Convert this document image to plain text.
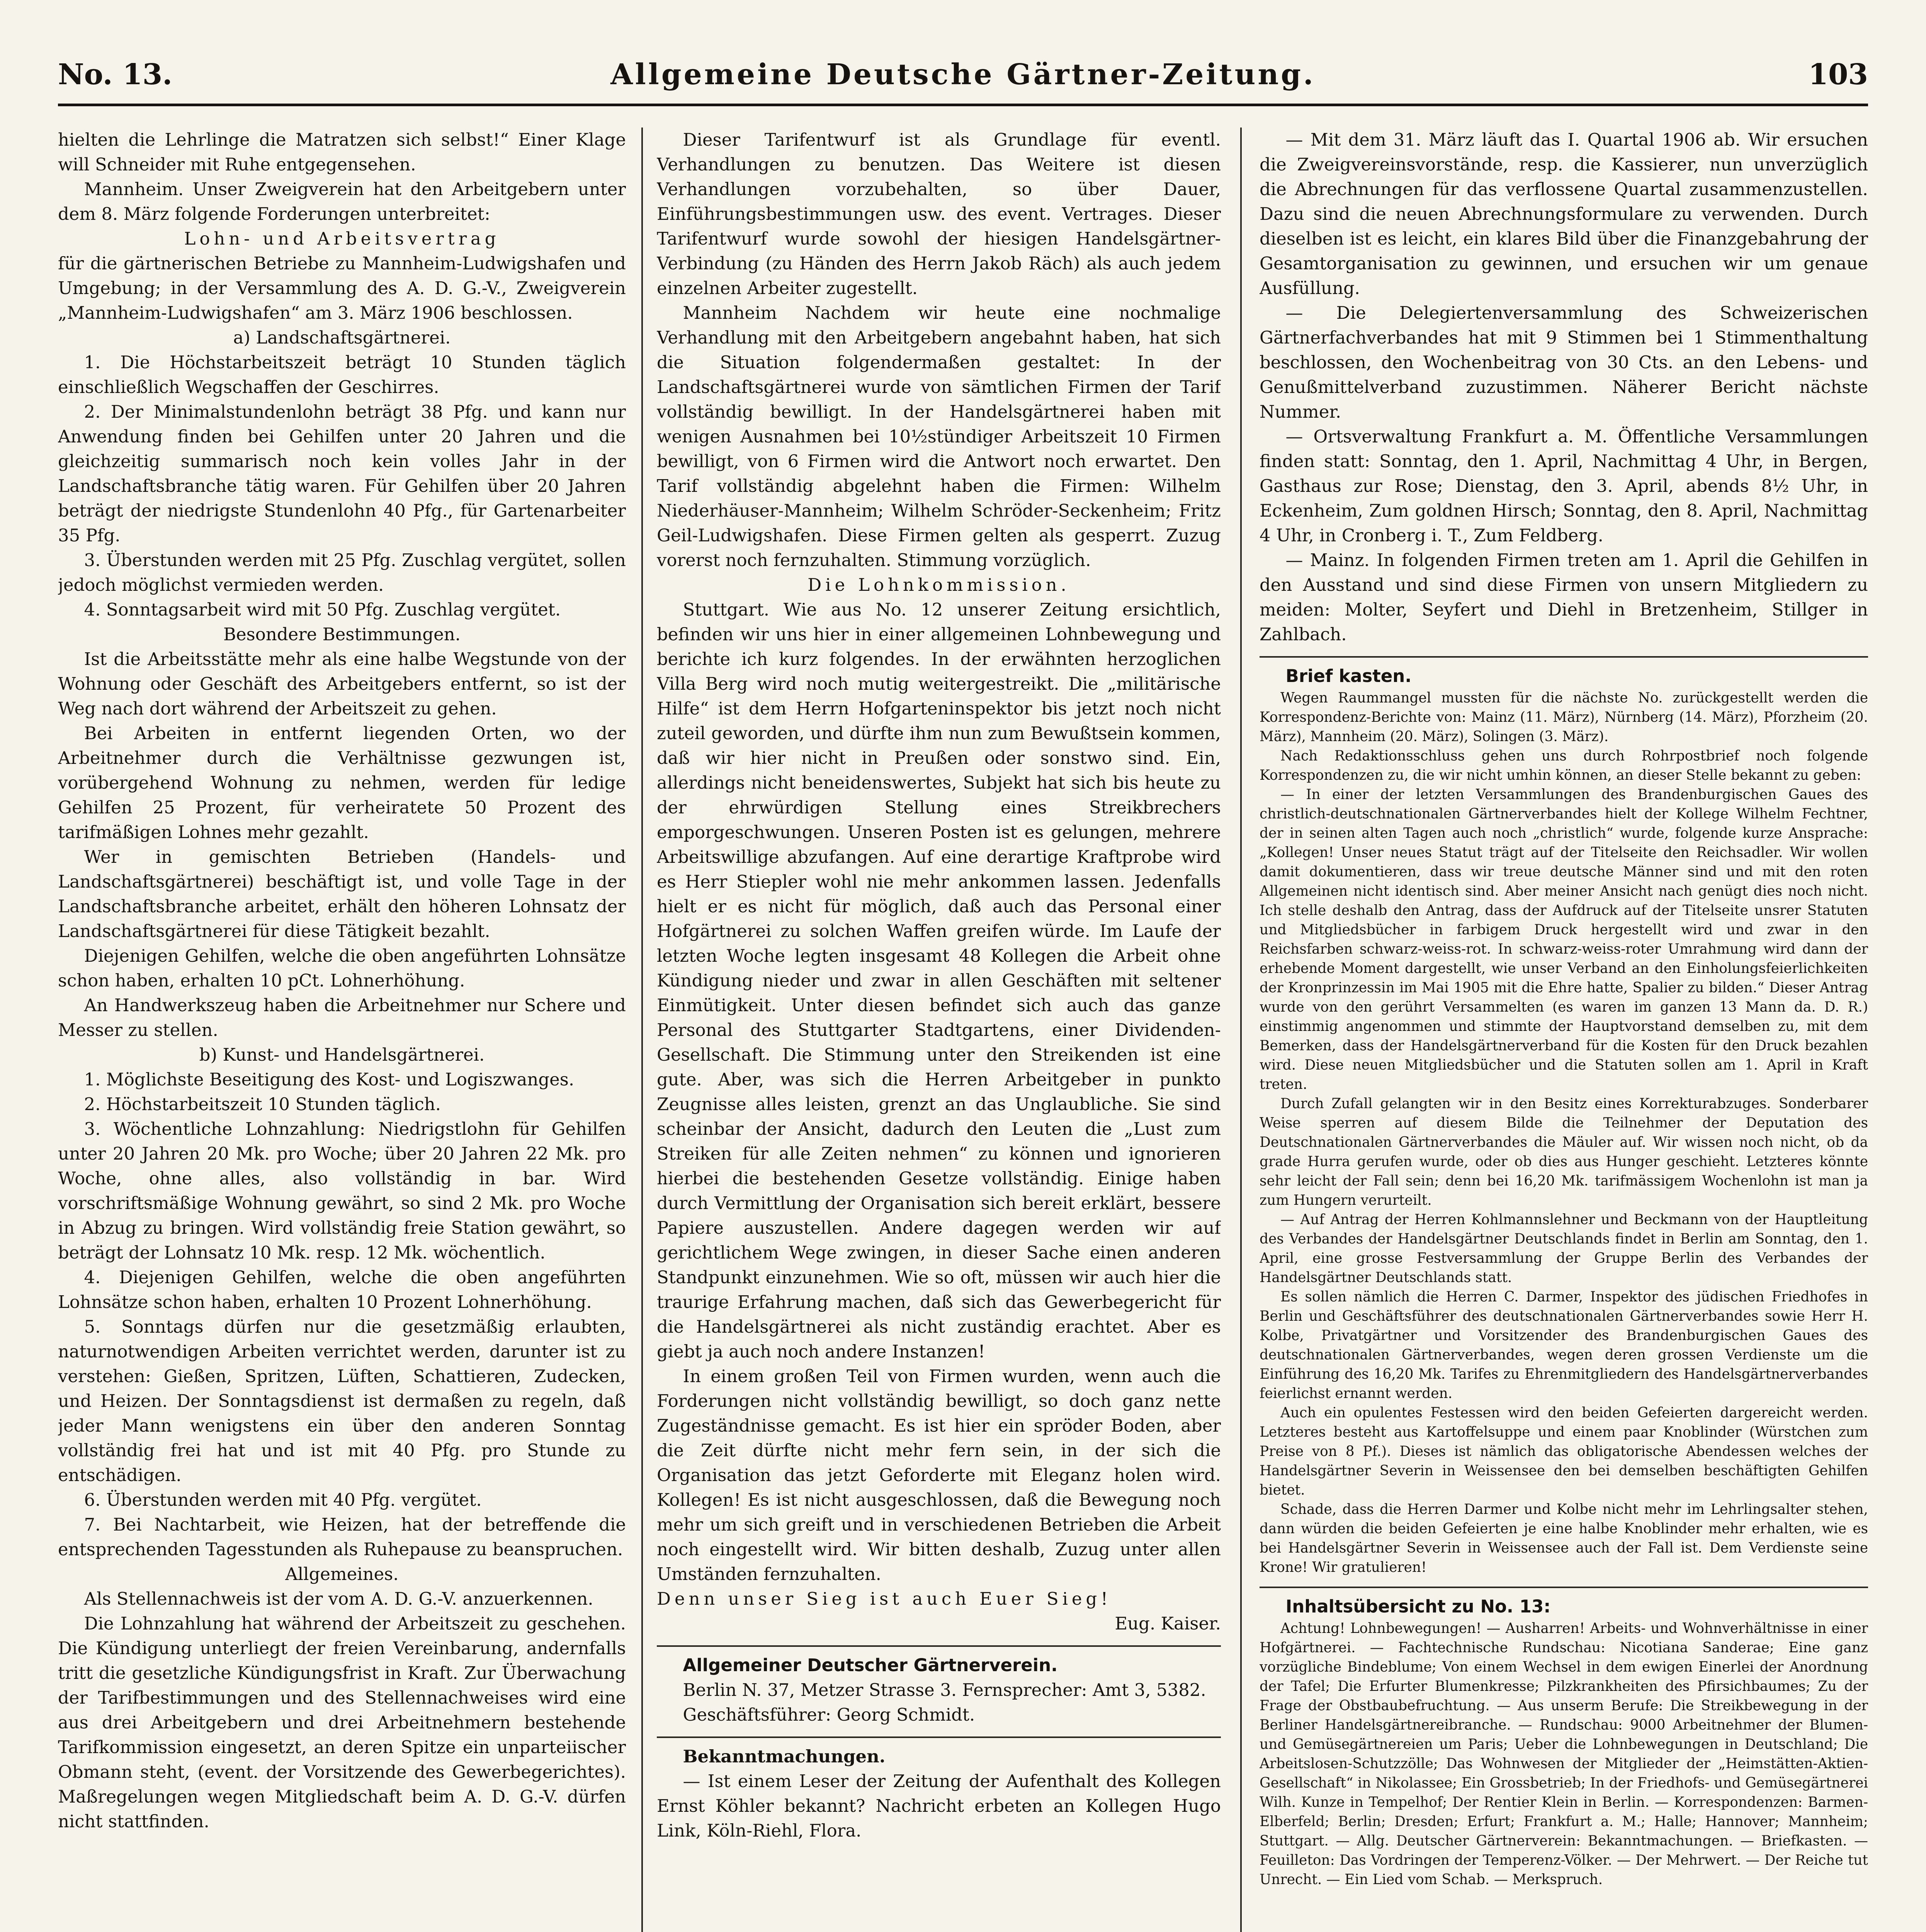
No. 13.	Allgemeine Deutsche Gärtner-Zeitung.	103

hielten die Lehrlinge die Matratzen sich selbst!“ Einer Klage will Schneider mit Ruhe entgegensehen.

Mannheim. Unser Zweigverein hat den Arbeitgebern unter dem 8. März folgende Forderungen unterbreitet:

Lohn- und Arbeitsvertrag

für die gärtnerischen Betriebe zu Mannheim-Ludwigshafen und Umgebung; in der Versammlung des A. D. G.-V., Zweigverein „Mannheim-Ludwigshafen“ am 3. März 1906 beschlossen.

a) Landschaftsgärtnerei.

1. Die Höchstarbeitszeit beträgt 10 Stunden täglich einschließlich Wegschaffen der Geschirres.

2. Der Minimalstundenlohn beträgt 38 Pfg. und kann nur Anwendung finden bei Gehilfen unter 20 Jahren und die gleichzeitig summarisch noch kein volles Jahr in der Landschaftsbranche tätig waren. Für Gehilfen über 20 Jahren beträgt der niedrigste Stundenlohn 40 Pfg., für Gartenarbeiter 35 Pfg.

3. Überstunden werden mit 25 Pfg. Zuschlag vergütet, sollen jedoch möglichst vermieden werden.

4. Sonntagsarbeit wird mit 50 Pfg. Zuschlag vergütet.

Besondere Bestimmungen.

Ist die Arbeitsstätte mehr als eine halbe Wegstunde von der Wohnung oder Geschäft des Arbeitgebers entfernt, so ist der Weg nach dort während der Arbeitszeit zu gehen.

Bei Arbeiten in entfernt liegenden Orten, wo der Arbeitnehmer durch die Verhältnisse gezwungen ist, vorübergehend Wohnung zu nehmen, werden für ledige Gehilfen 25 Prozent, für verheiratete 50 Prozent des tarifmäßigen Lohnes mehr gezahlt.

Wer in gemischten Betrieben (Handels- und Landschaftsgärtnerei) beschäftigt ist, und volle Tage in der Landschaftsbranche arbeitet, erhält den höheren Lohnsatz der Landschaftsgärtnerei für diese Tätigkeit bezahlt.

Diejenigen Gehilfen, welche die oben angeführten Lohnsätze schon haben, erhalten 10 pCt. Lohnerhöhung.

An Handwerkszeug haben die Arbeitnehmer nur Schere und Messer zu stellen.

b) Kunst- und Handelsgärtnerei.

1. Möglichste Beseitigung des Kost- und Logiszwanges.

2. Höchstarbeitszeit 10 Stunden täglich.

3. Wöchentliche Lohnzahlung: Niedrigstlohn für Gehilfen unter 20 Jahren 20 Mk. pro Woche; über 20 Jahren 22 Mk. pro Woche, ohne alles, also vollständig in bar. Wird vorschriftsmäßige Wohnung gewährt, so sind 2 Mk. pro Woche in Abzug zu bringen. Wird vollständig freie Station gewährt, so beträgt der Lohnsatz 10 Mk. resp. 12 Mk. wöchentlich.

4. Diejenigen Gehilfen, welche die oben angeführten Lohnsätze schon haben, erhalten 10 Prozent Lohnerhöhung.

5. Sonntags dürfen nur die gesetzmäßig erlaubten, naturnotwendigen Arbeiten verrichtet werden, darunter ist zu verstehen: Gießen, Spritzen, Lüften, Schattieren, Zudecken, und Heizen. Der Sonntagsdienst ist dermaßen zu regeln, daß jeder Mann wenigstens ein über den anderen Sonntag vollständig frei hat und ist mit 40 Pfg. pro Stunde zu entschädigen.

6. Überstunden werden mit 40 Pfg. vergütet.

7. Bei Nachtarbeit, wie Heizen, hat der betreffende die entsprechenden Tagesstunden als Ruhepause zu beanspruchen.

Allgemeines.

Als Stellennachweis ist der vom A. D. G.-V. anzuerkennen.

Die Lohnzahlung hat während der Arbeitszeit zu geschehen. Die Kündigung unterliegt der freien Vereinbarung, andernfalls tritt die gesetzliche Kündigungsfrist in Kraft. Zur Überwachung der Tarifbestimmungen und des Stellennachweises wird eine aus drei Arbeitgebern und drei Arbeitnehmern bestehende Tarifkommission eingesetzt, an deren Spitze ein unparteiischer Obmann steht, (event. der Vorsitzende des Gewerbegerichtes). Maßregelungen wegen Mitgliedschaft beim A. D. G.-V. dürfen nicht stattfinden.

Dieser Tarifentwurf ist als Grundlage für eventl. Verhandlungen zu benutzen. Das Weitere ist diesen Verhandlungen vorzubehalten, so über Dauer, Einführungsbestimmungen usw. des event. Vertrages. Dieser Tarifentwurf wurde sowohl der hiesigen Handelsgärtner-Verbindung (zu Händen des Herrn Jakob Räch) als auch jedem einzelnen Arbeiter zugestellt.

Mannheim Nachdem wir heute eine nochmalige Verhandlung mit den Arbeitgebern angebahnt haben, hat sich die Situation folgendermaßen gestaltet: In der Landschaftsgärtnerei wurde von sämtlichen Firmen der Tarif vollständig bewilligt. In der Handelsgärtnerei haben mit wenigen Ausnahmen bei 10½stündiger Arbeitszeit 10 Firmen bewilligt, von 6 Firmen wird die Antwort noch erwartet. Den Tarif vollständig abgelehnt haben die Firmen: Wilhelm Niederhäuser-Mannheim; Wilhelm Schröder-Seckenheim; Fritz Geil-Ludwigshafen. Diese Firmen gelten als gesperrt. Zuzug vorerst noch fernzuhalten. Stimmung vorzüglich.

Die Lohnkommission.

Stuttgart. Wie aus No. 12 unserer Zeitung ersichtlich, befinden wir uns hier in einer allgemeinen Lohnbewegung und berichte ich kurz folgendes. In der erwähnten herzoglichen Villa Berg wird noch mutig weitergestreikt. Die „militärische Hilfe“ ist dem Herrn Hofgarteninspektor bis jetzt noch nicht zuteil geworden, und dürfte ihm nun zum Bewußtsein kommen, daß wir hier nicht in Preußen oder sonstwo sind. Ein, allerdings nicht beneidenswertes, Subjekt hat sich bis heute zu der ehrwürdigen Stellung eines Streikbrechers emporgeschwungen. Unseren Posten ist es gelungen, mehrere Arbeitswillige abzufangen. Auf eine derartige Kraftprobe wird es Herr Stiepler wohl nie mehr ankommen lassen. Jedenfalls hielt er es nicht für möglich, daß auch das Personal einer Hofgärtnerei zu solchen Waffen greifen würde. Im Laufe der letzten Woche legten insgesamt 48 Kollegen die Arbeit ohne Kündigung nieder und zwar in allen Geschäften mit seltener Einmütigkeit. Unter diesen befindet sich auch das ganze Personal des Stuttgarter Stadtgartens, einer Dividenden-Gesellschaft. Die Stimmung unter den Streikenden ist eine gute. Aber, was sich die Herren Arbeitgeber in punkto Zeugnisse alles leisten, grenzt an das Unglaubliche. Sie sind scheinbar der Ansicht, dadurch den Leuten die „Lust zum Streiken für alle Zeiten nehmen“ zu können und ignorieren hierbei die bestehenden Gesetze vollständig. Einige haben durch Vermittlung der Organisation sich bereit erklärt, bessere Papiere auszustellen. Andere dagegen werden wir auf gerichtlichem Wege zwingen, in dieser Sache einen anderen Standpunkt einzunehmen. Wie so oft, müssen wir auch hier die traurige Erfahrung machen, daß sich das Gewerbegericht für die Handelsgärtnerei als nicht zuständig erachtet. Aber es giebt ja auch noch andere Instanzen!

In einem großen Teil von Firmen wurden, wenn auch die Forderungen nicht vollständig bewilligt, so doch ganz nette Zugeständnisse gemacht. Es ist hier ein spröder Boden, aber die Zeit dürfte nicht mehr fern sein, in der sich die Organisation das jetzt Geforderte mit Eleganz holen wird. Kollegen! Es ist nicht ausgeschlossen, daß die Bewegung noch mehr um sich greift und in verschiedenen Betrieben die Arbeit noch eingestellt wird. Wir bitten deshalb, Zuzug unter allen Umständen fernzuhalten.

Denn unser Sieg ist auch Euer Sieg!

Eug. Kaiser.

Allgemeiner Deutscher Gärtnerverein.

Berlin N. 37, Metzer Strasse 3. Fernsprecher: Amt 3, 5382.

Geschäftsführer: Georg Schmidt.

Bekanntmachungen.

— Ist einem Leser der Zeitung der Aufenthalt des Kollegen Ernst Köhler bekannt? Nachricht erbeten an Kollegen Hugo Link, Köln-Riehl, Flora.

— Mit dem 31. März läuft das I. Quartal 1906 ab. Wir ersuchen die Zweigvereinsvorstände, resp. die Kassierer, nun unverzüglich die Abrechnungen für das verflossene Quartal zusammenzustellen. Dazu sind die neuen Abrechnungsformulare zu verwenden. Durch dieselben ist es leicht, ein klares Bild über die Finanzgebahrung der Gesamtorganisation zu gewinnen, und ersuchen wir um genaue Ausfüllung.

— Die Delegiertenversammlung des Schweizerischen Gärtnerfachverbandes hat mit 9 Stimmen bei 1 Stimmenthaltung beschlossen, den Wochenbeitrag von 30 Cts. an den Lebens- und Genußmittelverband zuzustimmen. Näherer Bericht nächste Nummer.

— Ortsverwaltung Frankfurt a. M. Öffentliche Versammlungen finden statt: Sonntag, den 1. April, Nachmittag 4 Uhr, in Bergen, Gasthaus zur Rose; Dienstag, den 3. April, abends 8½ Uhr, in Eckenheim, Zum goldnen Hirsch; Sonntag, den 8. April, Nachmittag 4 Uhr, in Cronberg i. T., Zum Feldberg.

— Mainz. In folgenden Firmen treten am 1. April die Gehilfen in den Ausstand und sind diese Firmen von unsern Mitgliedern zu meiden: Molter, Seyfert und Diehl in Bretzenheim, Stillger in Zahlbach.

Brief kasten.

Wegen Raummangel mussten für die nächste No. zurückgestellt werden die Korrespondenz-Berichte von: Mainz (11. März), Nürnberg (14. März), Pforzheim (20. März), Mannheim (20. März), Solingen (3. März).

Nach Redaktionsschluss gehen uns durch Rohrpostbrief noch folgende Korrespondenzen zu, die wir nicht umhin können, an dieser Stelle bekannt zu geben:

— In einer der letzten Versammlungen des Brandenburgischen Gaues des christlich-deutschnationalen Gärtnerverbandes hielt der Kollege Wilhelm Fechtner, der in seinen alten Tagen auch noch „christlich“ wurde, folgende kurze Ansprache: „Kollegen! Unser neues Statut trägt auf der Titelseite den Reichsadler. Wir wollen damit dokumentieren, dass wir treue deutsche Männer sind und mit den roten Allgemeinen nicht identisch sind. Aber meiner Ansicht nach genügt dies noch nicht. Ich stelle deshalb den Antrag, dass der Aufdruck auf der Titelseite unsrer Statuten und Mitgliedsbücher in farbigem Druck hergestellt wird und zwar in den Reichsfarben schwarz-weiss-rot. In schwarz-weiss-roter Umrahmung wird dann der erhebende Moment dargestellt, wie unser Verband an den Einholungsfeierlichkeiten der Kronprinzessin im Mai 1905 mit die Ehre hatte, Spalier zu bilden.“ Dieser Antrag wurde von den gerührt Versammelten (es waren im ganzen 13 Mann da. D. R.) einstimmig angenommen und stimmte der Hauptvorstand demselben zu, mit dem Bemerken, dass der Handelsgärtnerverband für die Kosten für den Druck bezahlen wird. Diese neuen Mitgliedsbücher und die Statuten sollen am 1. April in Kraft treten.

Durch Zufall gelangten wir in den Besitz eines Korrekturabzuges. Sonderbarer Weise sperren auf diesem Bilde die Teilnehmer der Deputation des Deutschnationalen Gärtnerverbandes die Mäuler auf. Wir wissen noch nicht, ob da grade Hurra gerufen wurde, oder ob dies aus Hunger geschieht. Letzteres könnte sehr leicht der Fall sein; denn bei 16,20 Mk. tarifmässigem Wochenlohn ist man ja zum Hungern verurteilt.

— Auf Antrag der Herren Kohlmannslehner und Beckmann von der Hauptleitung des Verbandes der Handelsgärtner Deutschlands findet in Berlin am Sonntag, den 1. April, eine grosse Festversammlung der Gruppe Berlin des Verbandes der Handelsgärtner Deutschlands statt.

Es sollen nämlich die Herren C. Darmer, Inspektor des jüdischen Friedhofes in Berlin und Geschäftsführer des deutschnationalen Gärtnerverbandes sowie Herr H. Kolbe, Privatgärtner und Vorsitzender des Brandenburgischen Gaues des deutschnationalen Gärtnerverbandes, wegen deren grossen Verdienste um die Einführung des 16,20 Mk. Tarifes zu Ehrenmitgliedern des Handelsgärtnerverbandes feierlichst ernannt werden.

Auch ein opulentes Festessen wird den beiden Gefeierten dargereicht werden. Letzteres besteht aus Kartoffelsuppe und einem paar Knoblinder (Würstchen zum Preise von 8 Pf.). Dieses ist nämlich das obligatorische Abendessen welches der Handelsgärtner Severin in Weissensee den bei demselben beschäftigten Gehilfen bietet.

Schade, dass die Herren Darmer und Kolbe nicht mehr im Lehrlingsalter stehen, dann würden die beiden Gefeierten je eine halbe Knoblinder mehr erhalten, wie es bei Handelsgärtner Severin in Weissensee auch der Fall ist. Dem Verdienste seine Krone! Wir gratulieren!

Inhaltsübersicht zu No. 13:

Achtung! Lohnbewegungen! — Ausharren! Arbeits- und Wohnverhältnisse in einer Hofgärtnerei. — Fachtechnische Rundschau: Nicotiana Sanderae; Eine ganz vorzügliche Bindeblume; Von einem Wechsel in dem ewigen Einerlei der Anordnung der Tafel; Die Erfurter Blumenkresse; Pilzkrankheiten des Pfirsichbaumes; Zu der Frage der Obstbaubefruchtung. — Aus unserm Berufe: Die Streikbewegung in der Berliner Handelsgärtnereibranche. — Rundschau: 9000 Arbeitnehmer der Blumen- und Gemüsegärtnereien um Paris; Ueber die Lohnbewegungen in Deutschland; Die Arbeitslosen-Schutzzölle; Das Wohnwesen der Mitglieder der „Heimstätten-Aktien-Gesellschaft“ in Nikolassee; Ein Grossbetrieb; In der Friedhofs- und Gemüsegärtnerei Wilh. Kunze in Tempelhof; Der Rentier Klein in Berlin. — Korrespondenzen: Barmen-Elberfeld; Berlin; Dresden; Erfurt; Frankfurt a. M.; Halle; Hannover; Mannheim; Stuttgart. — Allg. Deutscher Gärtnerverein: Bekanntmachungen. — Briefkasten. — Feuilleton: Das Vordringen der Temperenz-Völker. — Der Mehrwert. — Der Reiche tut Unrecht. — Ein Lied vom Schab. — Merkspruch.
